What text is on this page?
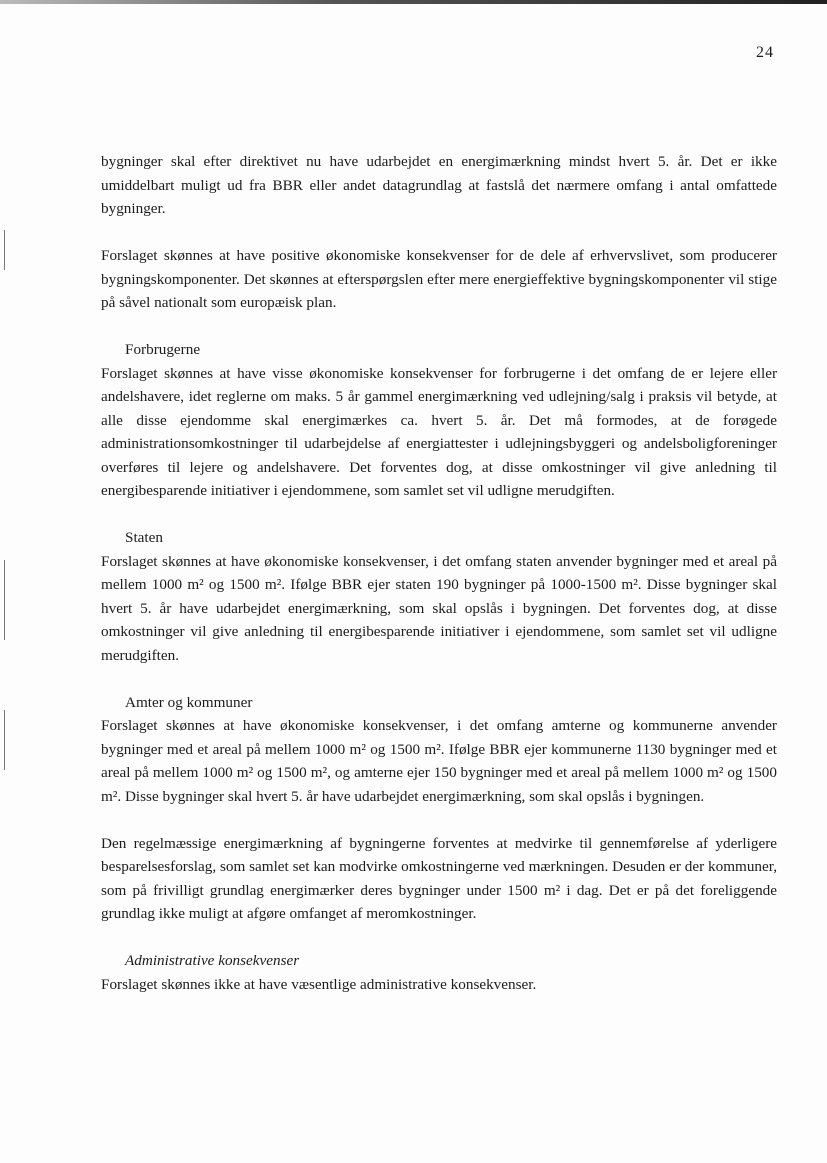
24

bygninger skal efter direktivet nu have udarbejdet en energimærkning mindst hvert 5. år. Det er ikke umiddelbart muligt ud fra BBR eller andet datagrundlag at fastslå det nærmere omfang i antal omfattede bygninger.

Forslaget skønnes at have positive økonomiske konsekvenser for de dele af erhvervslivet, som producerer bygningskomponenter. Det skønnes at efterspørgslen efter mere energieffektive bygningskomponenter vil stige på såvel nationalt som europæisk plan.

Forbrugerne

Forslaget skønnes at have visse økonomiske konsekvenser for forbrugerne i det omfang de er lejere eller andelshavere, idet reglerne om maks. 5 år gammel energimærkning ved udlejning/salg i praksis vil betyde, at alle disse ejendomme skal energimærkes ca. hvert 5. år. Det må formodes, at de forøgede administrationsomkostninger til udarbejdelse af energiattester i udlejningsbyggeri og andelsboligforeninger overføres til lejere og andelshavere. Det forventes dog, at disse omkostninger vil give anledning til energibesparende initiativer i ejendommene, som samlet set vil udligne merudgiften.

Staten

Forslaget skønnes at have økonomiske konsekvenser, i det omfang staten anvender bygninger med et areal på mellem 1000 m² og 1500 m². Ifølge BBR ejer staten 190 bygninger på 1000-1500 m². Disse bygninger skal hvert 5. år have udarbejdet energimærkning, som skal opslås i bygningen. Det forventes dog, at disse omkostninger vil give anledning til energibesparende initiativer i ejendommene, som samlet set vil udligne merudgiften.

Amter og kommuner

Forslaget skønnes at have økonomiske konsekvenser, i det omfang amterne og kommunerne anvender bygninger med et areal på mellem 1000 m² og 1500 m². Ifølge BBR ejer kommunerne 1130 bygninger med et areal på mellem 1000 m² og 1500 m², og amterne ejer 150 bygninger med et areal på mellem 1000 m² og 1500 m². Disse bygninger skal hvert 5. år have udarbejdet energimærkning, som skal opslås i bygningen.

Den regelmæssige energimærkning af bygningerne forventes at medvirke til gennemførelse af yderligere besparelsesforslag, som samlet set kan modvirke omkostningerne ved mærkningen. Desuden er der kommuner, som på frivilligt grundlag energimærker deres bygninger under 1500 m² i dag. Det er på det foreliggende grundlag ikke muligt at afgøre omfanget af meromkostninger.

Administrative konsekvenser

Forslaget skønnes ikke at have væsentlige administrative konsekvenser.
